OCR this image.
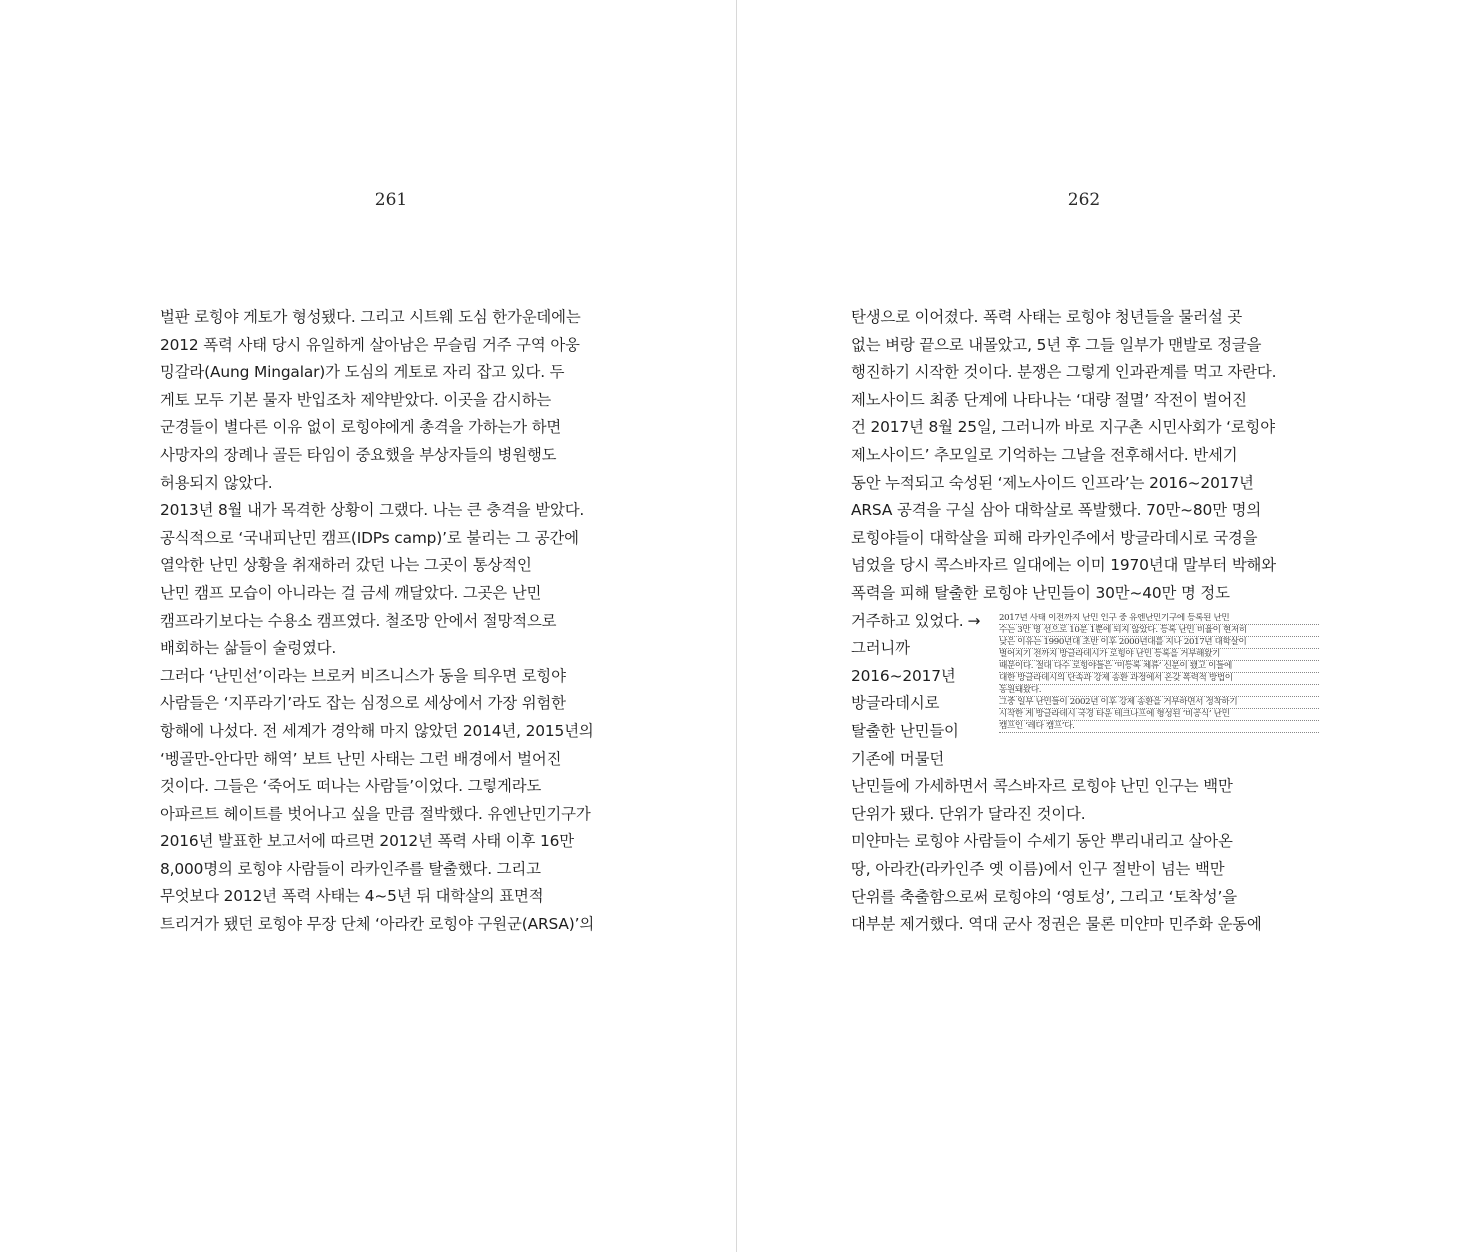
261	262
벌판 로힝야 게토가 형성됐다. 그리고 시트웨 도심 한가운데에는
2012 폭력 사태 당시 유일하게 살아남은 무슬림 거주 구역 아웅
밍갈라(Aung Mingalar)가 도심의 게토로 자리 잡고 있다. 두
게토 모두 기본 물자 반입조차 제약받았다. 이곳을 감시하는
군경들이 별다른 이유 없이 로힝야에게 총격을 가하는가 하면
사망자의 장례나 골든 타임이 중요했을 부상자들의 병원행도
허용되지 않았다.
2013년 8월 내가 목격한 상황이 그랬다. 나는 큰 충격을 받았다.
공식적으로 ‘국내피난민 캠프(IDPs camp)’로 불리는 그 공간에
열악한 난민 상황을 취재하러 갔던 나는 그곳이 통상적인
난민 캠프 모습이 아니라는 걸 금세 깨달았다. 그곳은 난민
캠프라기보다는 수용소 캠프였다. 철조망 안에서 절망적으로
배회하는 삶들이 술렁였다.
그러다 ‘난민선’이라는 브로커 비즈니스가 동을 틔우면 로힝야
사람들은 ‘지푸라기’라도 잡는 심정으로 세상에서 가장 위험한
항해에 나섰다. 전 세계가 경악해 마지 않았던 2014년, 2015년의
‘벵골만-안다만 해역’ 보트 난민 사태는 그런 배경에서 벌어진
것이다. 그들은 ‘죽어도 떠나는 사람들’이었다. 그렇게라도
아파르트 헤이트를 벗어나고 싶을 만큼 절박했다. 유엔난민기구가
2016년 발표한 보고서에 따르면 2012년 폭력 사태 이후 16만
8,000명의 로힝야 사람들이 라카인주를 탈출했다. 그리고
무엇보다 2012년 폭력 사태는 4~5년 뒤 대학살의 표면적
트리거가 됐던 로힝야 무장 단체 ‘아라칸 로힝야 구원군(ARSA)’의
탄생으로 이어졌다. 폭력 사태는 로힝야 청년들을 물러설 곳
없는 벼랑 끝으로 내몰았고, 5년 후 그들 일부가 맨발로 정글을
행진하기 시작한 것이다. 분쟁은 그렇게 인과관계를 먹고 자란다.
제노사이드 최종 단계에 나타나는 ‘대량 절멸’ 작전이 벌어진
건 2017년 8월 25일, 그러니까 바로 지구촌 시민사회가 ‘로힝야
제노사이드’ 추모일로 기억하는 그날을 전후해서다. 반세기
동안 누적되고 숙성된 ‘제노사이드 인프라’는 2016~2017년
ARSA 공격을 구실 삼아 대학살로 폭발했다. 70만~80만 명의
로힝야들이 대학살을 피해 라카인주에서 방글라데시로 국경을
넘었을 당시 콕스바자르 일대에는 이미 1970년대 말부터 박해와
폭력을 피해 탈출한 로힝야 난민들이 30만~40만 명 정도
거주하고 있었다. →
그러니까
2016~2017년
방글라데시로
탈출한 난민들이
기존에 머물던
2017년 사태 이전까지 난민 인구 중 유엔난민기구에 등록된 난민
수는 3만 명 선으로 10분 1뿐에 되지 않았다. 등록 난민 비율이 현저히
낮은 이유는 1990년대 초반 이후 2000년대를 지나 2017년 대학살이
벌어지기 전까지 방글라데시가 로힝야 난민 등록을 거부해왔기
때문이다. 절대 다수 로힝야들은 ‘미등록 체류’ 신분이 됐고 이들에
대한 방글라데시의 단속과 강제 송환 과정에서 온갖 폭력적 방법이
동원돼왔다.
그중 일부 난민들이 2002년 이후 강제 송환을 거부하면서 정착하기
시작한 게 방글라데시 국경 타운 테크나프에 형성된 ‘비공식’ 난민
캠프인 ‘레다 캠프’다.
난민들에 가세하면서 콕스바자르 로힝야 난민 인구는 백만
단위가 됐다. 단위가 달라진 것이다.
미얀마는 로힝야 사람들이 수세기 동안 뿌리내리고 살아온
땅, 아라칸(라카인주 옛 이름)에서 인구 절반이 넘는 백만
단위를 축출함으로써 로힝야의 ‘영토성’, 그리고 ‘토착성’을
대부분 제거했다. 역대 군사 정권은 물론 미얀마 민주화 운동에
